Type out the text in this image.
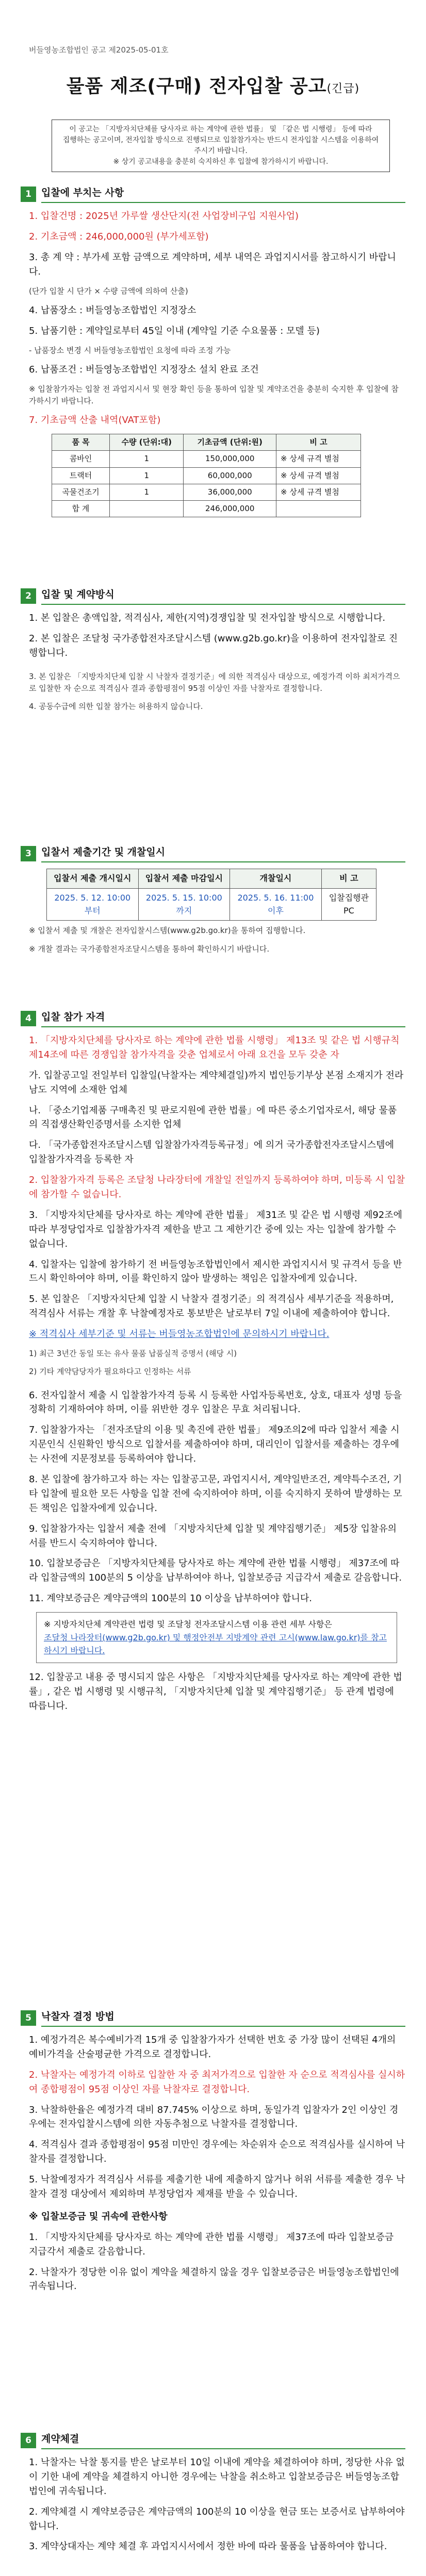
버들영농조합법인 공고 제2025-05-01호
물품 제조(구매) 전자입찰 공고(긴급)
이 공고는 「지방자치단체를 당사자로 하는 계약에 관한 법률」 및 「같은 법 시행령」 등에 따라
집행하는 공고이며, 전자입찰 방식으로 진행되므로 입찰참가자는 반드시 전자입찰 시스템을 이용하여 주시기 바랍니다.
※ 상기 공고내용을 충분히 숙지하신 후 입찰에 참가하시기 바랍니다.
1	입찰에 부치는 사항
1. 입찰건명 : 2025년 가루쌀 생산단지(전 사업장비구입 지원사업)
2. 기초금액 : 246,000,000원 (부가세포함)
3. 총 계 약 : 부가세 포함 금액으로 계약하며, 세부 내역은 과업지시서를 참고하시기 바랍니다.
(단가 입찰 시 단가 × 수량 금액에 의하여 산출)
4. 납품장소 : 버들영농조합법인 지정장소
5. 납품기한 : 계약일로부터 45일 이내 (계약일 기준 수요물품 : 모델 등)
- 납품장소 변경 시 버들영농조합법인 요청에 따라 조정 가능
6. 납품조건 : 버들영농조합법인 지정장소 설치 완료 조건
※ 입찰참가자는 입찰 전 과업지시서 및 현장 확인 등을 통하여 입찰 및 계약조건을 충분히 숙지한 후 입찰에 참가하시기 바랍니다.
7. 기초금액 산출 내역(VAT포함)
품 목	수량 (단위:대)	기초금액 (단위:원)	비 고
콤바인	1	150,000,000	※ 상세 규격 별첨
트랙터	1	60,000,000	※ 상세 규격 별첨
곡물건조기	1	36,000,000	※ 상세 규격 별첨
합 계		246,000,000	
2	입찰 및 계약방식
1. 본 입찰은 총액입찰, 적격심사, 제한(지역)경쟁입찰 및 전자입찰 방식으로 시행합니다.
2. 본 입찰은 조달청 국가종합전자조달시스템 (www.g2b.go.kr)을 이용하여 전자입찰로 진행합니다.
3. 본 입찰은 「지방자치단체 입찰 시 낙찰자 결정기준」에 의한 적격심사 대상으로, 예정가격 이하 최저가격으로 입찰한 자 순으로 적격심사 결과 종합평점이 95점 이상인 자를 낙찰자로 결정합니다.
4. 공동수급에 의한 입찰 참가는 허용하지 않습니다.
3	입찰서 제출기간 및 개찰일시
입찰서 제출 개시일시	입찰서 제출 마감일시	개찰일시	비 고
2025. 5. 12. 10:00 부터	2025. 5. 15. 10:00 까지	2025. 5. 16. 11:00 이후	입찰집행관 PC
※ 입찰서 제출 및 개찰은 전자입찰시스템(www.g2b.go.kr)을 통하여 집행합니다.
※ 개찰 결과는 국가종합전자조달시스템을 통하여 확인하시기 바랍니다.
4	입찰 참가 자격
1. 「지방자치단체를 당사자로 하는 계약에 관한 법률 시행령」 제13조 및 같은 법 시행규칙 제14조에 따른 경쟁입찰 참가자격을 갖춘 업체로서 아래 요건을 모두 갖춘 자
가. 입찰공고일 전일부터 입찰일(낙찰자는 계약체결일)까지 법인등기부상 본점 소재지가 전라남도 지역에 소재한 업체
나. 「중소기업제품 구매촉진 및 판로지원에 관한 법률」에 따른 중소기업자로서, 해당 물품의 직접생산확인증명서를 소지한 업체
다. 「국가종합전자조달시스템 입찰참가자격등록규정」에 의거 국가종합전자조달시스템에 입찰참가자격을 등록한 자
2. 입찰참가자격 등록은 조달청 나라장터에 개찰일 전일까지 등록하여야 하며, 미등록 시 입찰에 참가할 수 없습니다.
3. 「지방자치단체를 당사자로 하는 계약에 관한 법률」 제31조 및 같은 법 시행령 제92조에 따라 부정당업자로 입찰참가자격 제한을 받고 그 제한기간 중에 있는 자는 입찰에 참가할 수 없습니다.
4. 입찰자는 입찰에 참가하기 전 버들영농조합법인에서 제시한 과업지시서 및 규격서 등을 반드시 확인하여야 하며, 이를 확인하지 않아 발생하는 책임은 입찰자에게 있습니다.
5. 본 입찰은 「지방자치단체 입찰 시 낙찰자 결정기준」의 적격심사 세부기준을 적용하며, 적격심사 서류는 개찰 후 낙찰예정자로 통보받은 날로부터 7일 이내에 제출하여야 합니다.
※ 적격심사 세부기준 및 서류는 버들영농조합법인에 문의하시기 바랍니다.
1) 최근 3년간 동일 또는 유사 물품 납품실적 증명서 (해당 시)
2) 기타 계약담당자가 필요하다고 인정하는 서류
6. 전자입찰서 제출 시 입찰참가자격 등록 시 등록한 사업자등록번호, 상호, 대표자 성명 등을 정확히 기재하여야 하며, 이를 위반한 경우 입찰은 무효 처리됩니다.
7. 입찰참가자는 「전자조달의 이용 및 촉진에 관한 법률」 제9조의2에 따라 입찰서 제출 시 지문인식 신원확인 방식으로 입찰서를 제출하여야 하며, 대리인이 입찰서를 제출하는 경우에는 사전에 지문정보를 등록하여야 합니다.
8. 본 입찰에 참가하고자 하는 자는 입찰공고문, 과업지시서, 계약일반조건, 계약특수조건, 기타 입찰에 필요한 모든 사항을 입찰 전에 숙지하여야 하며, 이를 숙지하지 못하여 발생하는 모든 책임은 입찰자에게 있습니다.
9. 입찰참가자는 입찰서 제출 전에 「지방자치단체 입찰 및 계약집행기준」 제5장 입찰유의서를 반드시 숙지하여야 합니다.
10. 입찰보증금은 「지방자치단체를 당사자로 하는 계약에 관한 법률 시행령」 제37조에 따라 입찰금액의 100분의 5 이상을 납부하여야 하나, 입찰보증금 지급각서 제출로 갈음합니다.
11. 계약보증금은 계약금액의 100분의 10 이상을 납부하여야 합니다.
※ 지방자치단체 계약관련 법령 및 조달청 전자조달시스템 이용 관련 세부 사항은
조달청 나라장터(www.g2b.go.kr) 및 행정안전부 지방계약 관련 고시(www.law.go.kr)를 참고하시기 바랍니다.
12. 입찰공고 내용 중 명시되지 않은 사항은 「지방자치단체를 당사자로 하는 계약에 관한 법률」, 같은 법 시행령 및 시행규칙, 「지방자치단체 입찰 및 계약집행기준」 등 관계 법령에 따릅니다.
5	낙찰자 결정 방법
1. 예정가격은 복수예비가격 15개 중 입찰참가자가 선택한 번호 중 가장 많이 선택된 4개의 예비가격을 산술평균한 가격으로 결정합니다.
2. 낙찰자는 예정가격 이하로 입찰한 자 중 최저가격으로 입찰한 자 순으로 적격심사를 실시하여 종합평점이 95점 이상인 자를 낙찰자로 결정합니다.
3. 낙찰하한율은 예정가격 대비 87.745% 이상으로 하며, 동일가격 입찰자가 2인 이상인 경우에는 전자입찰시스템에 의한 자동추첨으로 낙찰자를 결정합니다.
4. 적격심사 결과 종합평점이 95점 미만인 경우에는 차순위자 순으로 적격심사를 실시하여 낙찰자를 결정합니다.
5. 낙찰예정자가 적격심사 서류를 제출기한 내에 제출하지 않거나 허위 서류를 제출한 경우 낙찰자 결정 대상에서 제외하며 부정당업자 제재를 받을 수 있습니다.
※ 입찰보증금 및 귀속에 관한사항
1. 「지방자치단체를 당사자로 하는 계약에 관한 법률 시행령」 제37조에 따라 입찰보증금 지급각서 제출로 갈음합니다.
2. 낙찰자가 정당한 이유 없이 계약을 체결하지 않을 경우 입찰보증금은 버들영농조합법인에 귀속됩니다.
6	계약체결
1. 낙찰자는 낙찰 통지를 받은 날로부터 10일 이내에 계약을 체결하여야 하며, 정당한 사유 없이 기한 내에 계약을 체결하지 아니한 경우에는 낙찰을 취소하고 입찰보증금은 버들영농조합법인에 귀속됩니다.
2. 계약체결 시 계약보증금은 계약금액의 100분의 10 이상을 현금 또는 보증서로 납부하여야 합니다.
3. 계약상대자는 계약 체결 후 과업지시서에서 정한 바에 따라 물품을 납품하여야 합니다.
